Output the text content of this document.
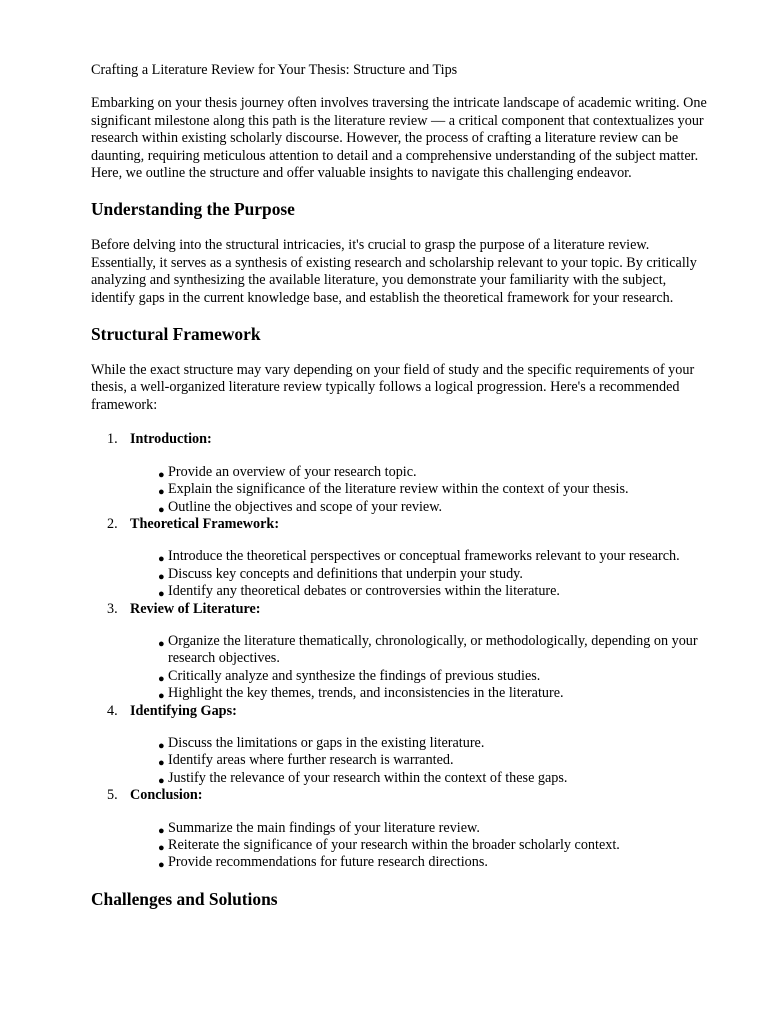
Crafting a Literature Review for Your Thesis: Structure and Tips

Embarking on your thesis journey often involves traversing the intricate landscape of academic writing. One significant milestone along this path is the literature review — a critical component that contextualizes your research within existing scholarly discourse. However, the process of crafting a literature review can be daunting, requiring meticulous attention to detail and a comprehensive understanding of the subject matter. Here, we outline the structure and offer valuable insights to navigate this challenging endeavor.

Understanding the Purpose

Before delving into the structural intricacies, it's crucial to grasp the purpose of a literature review. Essentially, it serves as a synthesis of existing research and scholarship relevant to your topic. By critically analyzing and synthesizing the available literature, you demonstrate your familiarity with the subject, identify gaps in the current knowledge base, and establish the theoretical framework for your research.

Structural Framework

While the exact structure may vary depending on your field of study and the specific requirements of your thesis, a well-organized literature review typically follows a logical progression. Here's a recommended framework:

1. Introduction:
● Provide an overview of your research topic.
● Explain the significance of the literature review within the context of your thesis.
● Outline the objectives and scope of your review.
2. Theoretical Framework:
● Introduce the theoretical perspectives or conceptual frameworks relevant to your research.
● Discuss key concepts and definitions that underpin your study.
● Identify any theoretical debates or controversies within the literature.
3. Review of Literature:
● Organize the literature thematically, chronologically, or methodologically, depending on your research objectives.
● Critically analyze and synthesize the findings of previous studies.
● Highlight the key themes, trends, and inconsistencies in the literature.
4. Identifying Gaps:
● Discuss the limitations or gaps in the existing literature.
● Identify areas where further research is warranted.
● Justify the relevance of your research within the context of these gaps.
5. Conclusion:
● Summarize the main findings of your literature review.
● Reiterate the significance of your research within the broader scholarly context.
● Provide recommendations for future research directions.
Challenges and Solutions
